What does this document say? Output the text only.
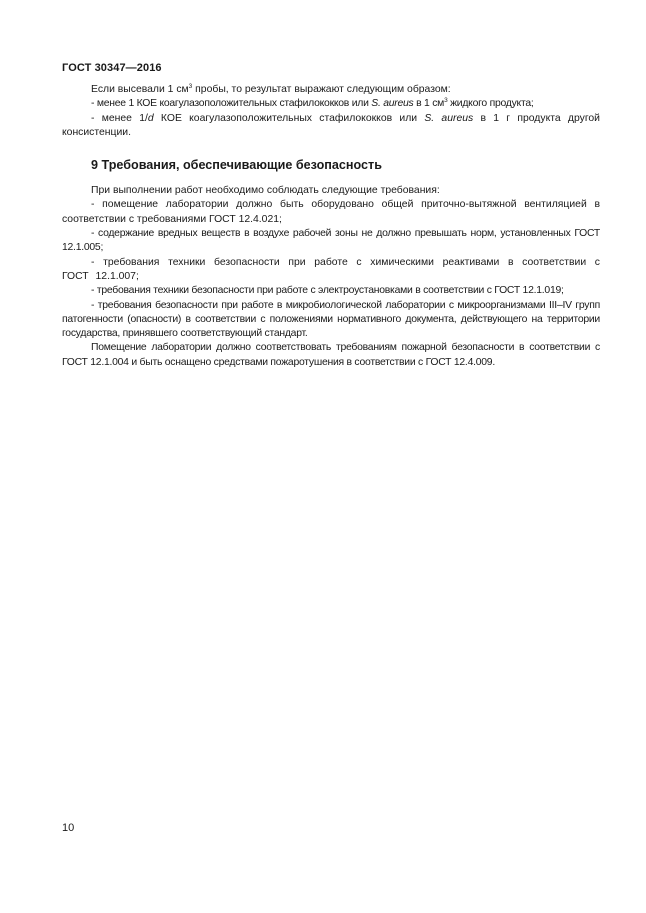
ГОСТ 30347—2016

Если высевали 1 $см^3$ пробы, то результат выражают следующим образом:

- менее 1 КОЕ коагулазоположительных стафилококков или S. aureus в 1 $см^3$ жидкого продукта;

- менее 1/d КОЕ коагулазоположительных стафилококков или S. aureus в 1 г продукта другой консистенции.

9 Требования, обеспечивающие безопасность

При выполнении работ необходимо соблюдать следующие требования:

- помещение лаборатории должно быть оборудовано общей приточно-вытяжной вентиляцией в соответствии с требованиями ГОСТ 12.4.021;

- содержание вредных веществ в воздухе рабочей зоны не должно превышать норм, установленных ГОСТ 12.1.005;

- требования техники безопасности при работе с химическими реактивами в соответствии с ГОСТ 12.1.007;

- требования техники безопасности при работе с электроустановками в соответствии с ГОСТ 12.1.019;

- требования безопасности при работе в микробиологической лаборатории с микроорганизмами III–IV групп патогенности (опасности) в соответствии с положениями нормативного документа, действующего на территории государства, принявшего соответствующий стандарт.

Помещение лаборатории должно соответствовать требованиям пожарной безопасности в соответствии с ГОСТ 12.1.004 и быть оснащено средствами пожаротушения в соответствии с ГОСТ 12.4.009.

10
